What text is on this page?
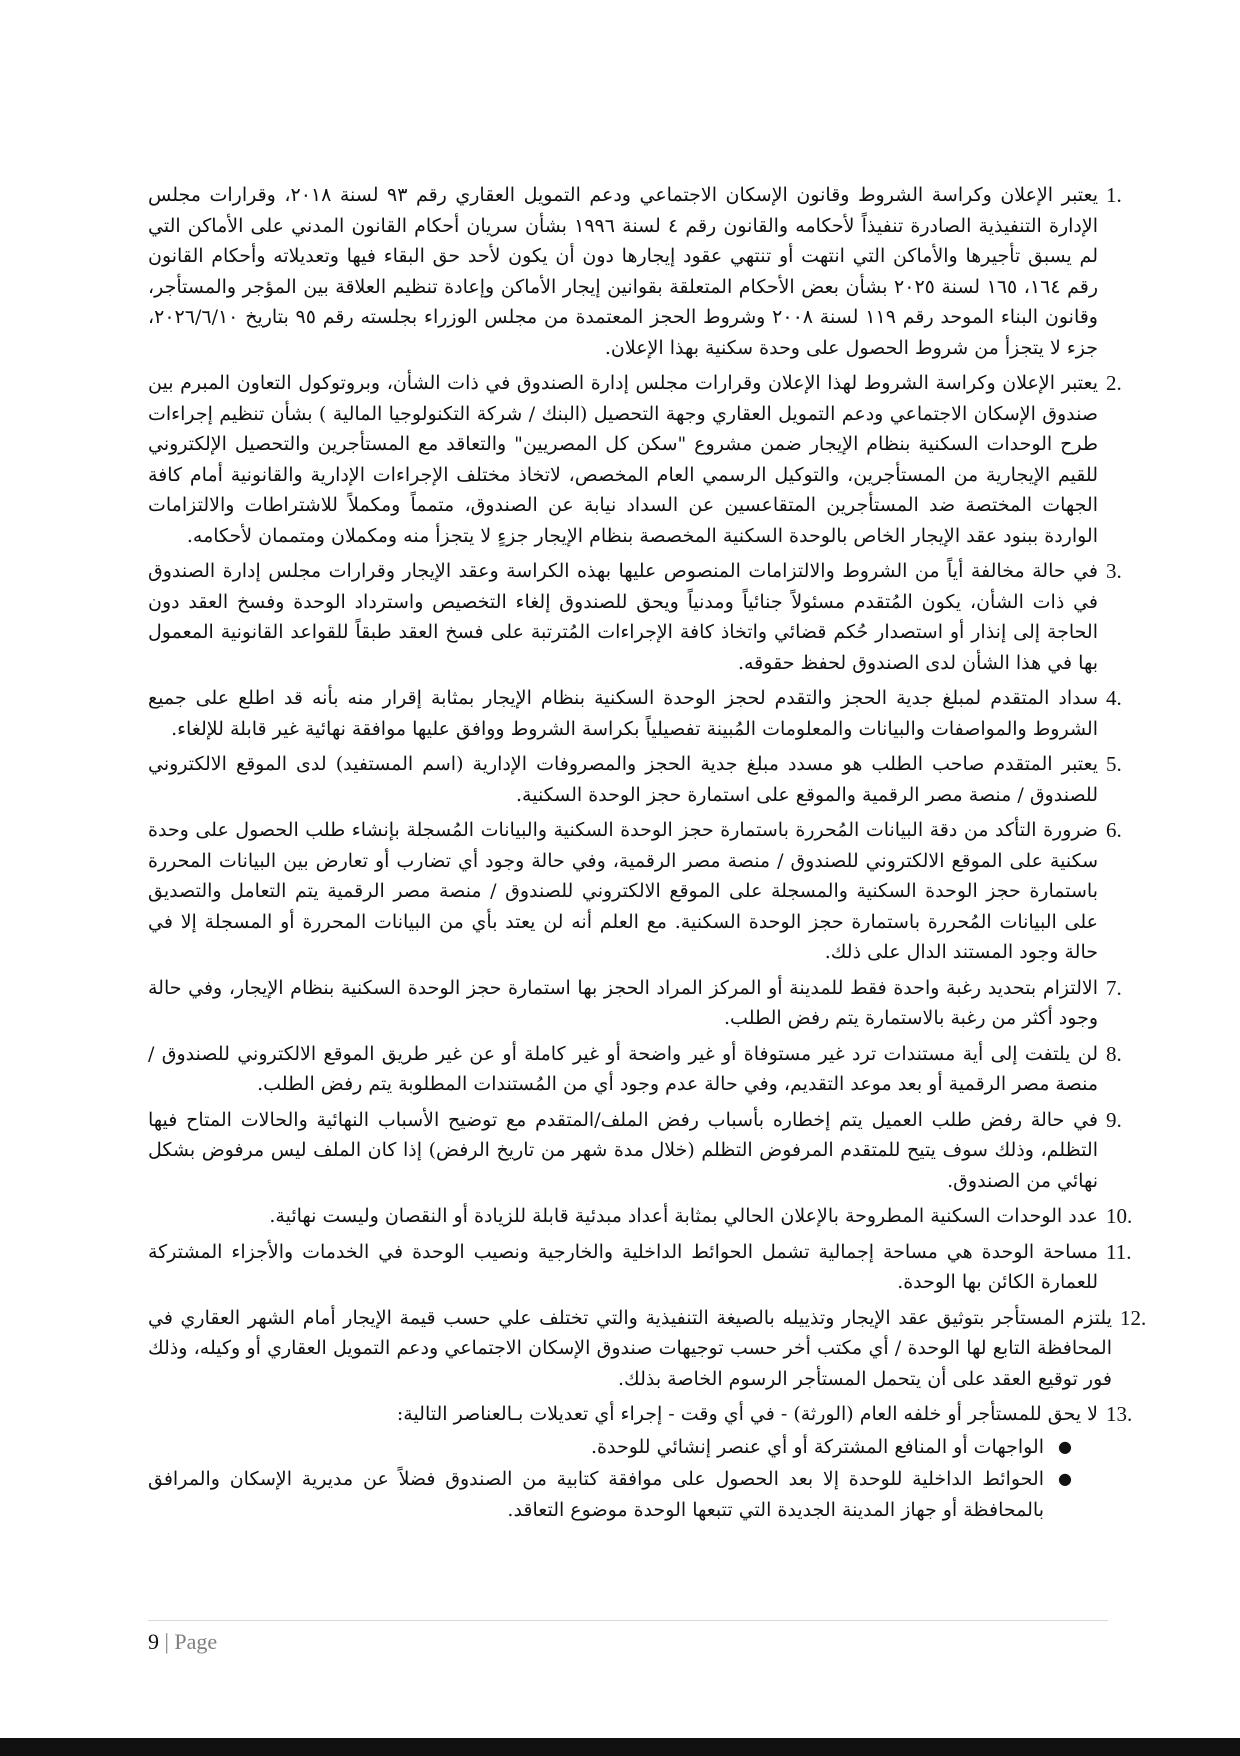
1.
يعتبر الإعلان وكراسة الشروط وقانون الإسكان الاجتماعي ودعم التمويل العقاري رقم ٩٣ لسنة ٢٠١٨، وقرارات مجلس الإدارة التنفيذية الصادرة تنفيذاً لأحكامه والقانون رقم ٤ لسنة ١٩٩٦ بشأن سريان أحكام القانون المدني على الأماكن التي لم يسبق تأجيرها والأماكن التي انتهت أو تنتهي عقود إيجارها دون أن يكون لأحد حق البقاء فيها وتعديلاته وأحكام القانون رقم ١٦٤، ١٦٥ لسنة ٢٠٢٥ بشأن بعض الأحكام المتعلقة بقوانين إيجار الأماكن وإعادة تنظيم العلاقة بين المؤجر والمستأجر، وقانون البناء الموحد رقم ١١٩ لسنة ٢٠٠٨ وشروط الحجز المعتمدة من مجلس الوزراء بجلسته رقم ٩٥ بتاريخ ٢٠٢٦/٦/١٠، جزء لا يتجزأ من شروط الحصول على وحدة سكنية بهذا الإعلان.
2.
يعتبر الإعلان وكراسة الشروط لهذا الإعلان وقرارات مجلس إدارة الصندوق في ذات الشأن، وبروتوكول التعاون المبرم بين صندوق الإسكان الاجتماعي ودعم التمويل العقاري وجهة التحصيل (البنك / شركة التكنولوجيا المالية ) بشأن تنظيم إجراءات طرح الوحدات السكنية بنظام الإيجار ضمن مشروع "سكن كل المصريين" والتعاقد مع المستأجرين والتحصيل الإلكتروني للقيم الإيجارية من المستأجرين، والتوكيل الرسمي العام المخصص، لاتخاذ مختلف الإجراءات الإدارية والقانونية أمام كافة الجهات المختصة ضد المستأجرين المتقاعسين عن السداد نيابة عن الصندوق، متمماً ومكملاً للاشتراطات والالتزامات الواردة ببنود عقد الإيجار الخاص بالوحدة السكنية المخصصة بنظام الإيجار جزءٍ لا يتجزأ منه ومكملان ومتممان لأحكامه.
3.
في حالة مخالفة أياً من الشروط والالتزامات المنصوص عليها بهذه الكراسة وعقد الإيجار وقرارات مجلس إدارة الصندوق في ذات الشأن، يكون المُتقدم مسئولاً جنائياً ومدنياً ويحق للصندوق إلغاء التخصيص واسترداد الوحدة وفسخ العقد دون الحاجة إلى إنذار أو استصدار حُكم قضائي واتخاذ كافة الإجراءات المُترتبة على فسخ العقد طبقاً للقواعد القانونية المعمول بها في هذا الشأن لدى الصندوق لحفظ حقوقه.
4.
سداد المتقدم لمبلغ جدية الحجز والتقدم لحجز الوحدة السكنية بنظام الإيجار بمثابة إقرار منه بأنه قد اطلع على جميع الشروط والمواصفات والبيانات والمعلومات المُبينة تفصيلياً بكراسة الشروط ووافق عليها موافقة نهائية غير قابلة للإلغاء.
5.
يعتبر المتقدم صاحب الطلب هو مسدد مبلغ جدية الحجز والمصروفات الإدارية (اسم المستفيد) لدى الموقع الالكتروني للصندوق / منصة مصر الرقمية والموقع على استمارة حجز الوحدة السكنية.
6.
ضرورة التأكد من دقة البيانات المُحررة باستمارة حجز الوحدة السكنية والبيانات المُسجلة بإنشاء طلب الحصول على وحدة سكنية على الموقع الالكتروني للصندوق / منصة مصر الرقمية، وفي حالة وجود أي تضارب أو تعارض بين البيانات المحررة باستمارة حجز الوحدة السكنية والمسجلة على الموقع الالكتروني للصندوق / منصة مصر الرقمية يتم التعامل والتصديق على البيانات المُحررة باستمارة حجز الوحدة السكنية. مع العلم أنه لن يعتد بأي من البيانات المحررة أو المسجلة إلا في حالة وجود المستند الدال على ذلك.
7.
الالتزام بتحديد رغبة واحدة فقط للمدينة أو المركز المراد الحجز بها استمارة حجز الوحدة السكنية بنظام الإيجار، وفي حالة وجود أكثر من رغبة بالاستمارة يتم رفض الطلب.
8.
لن يلتفت إلى أية مستندات ترد غير مستوفاة أو غير واضحة أو غير كاملة أو عن غير طريق الموقع الالكتروني للصندوق / منصة مصر الرقمية أو بعد موعد التقديم، وفي حالة عدم وجود أي من المُستندات المطلوبة يتم رفض الطلب.
9.
في حالة رفض طلب العميل يتم إخطاره بأسباب رفض الملف/المتقدم مع توضيح الأسباب النهائية والحالات المتاح فيها التظلم، وذلك سوف يتيح للمتقدم المرفوض التظلم (خلال مدة شهر من تاريخ الرفض) إذا كان الملف ليس مرفوض بشكل نهائي من الصندوق.
10.
عدد الوحدات السكنية المطروحة بالإعلان الحالي بمثابة أعداد مبدئية قابلة للزيادة أو النقصان وليست نهائية.
11.
مساحة الوحدة هي مساحة إجمالية تشمل الحوائط الداخلية والخارجية ونصيب الوحدة في الخدمات والأجزاء المشتركة للعمارة الكائن بها الوحدة.
12.
يلتزم المستأجر بتوثيق عقد الإيجار وتذييله بالصيغة التنفيذية والتي تختلف علي حسب قيمة الإيجار أمام الشهر العقاري في المحافظة التابع لها الوحدة / أي مكتب أخر حسب توجيهات صندوق الإسكان الاجتماعي ودعم التمويل العقاري أو وكيله، وذلك فور توقيع العقد على أن يتحمل المستأجر الرسوم الخاصة بذلك.
13.
لا يحق للمستأجر أو خلفه العام (الورثة) - في أي وقت - إجراء أي تعديلات بـالعناصر التالية:
●
الواجهات أو المنافع المشتركة أو أي عنصر إنشائي للوحدة.
●
الحوائط الداخلية للوحدة إلا بعد الحصول على موافقة كتابية من الصندوق فضلاً عن مديرية الإسكان والمرافق بالمحافظة أو جهاز المدينة الجديدة التي تتبعها الوحدة موضوع التعاقد.
9 | Page
